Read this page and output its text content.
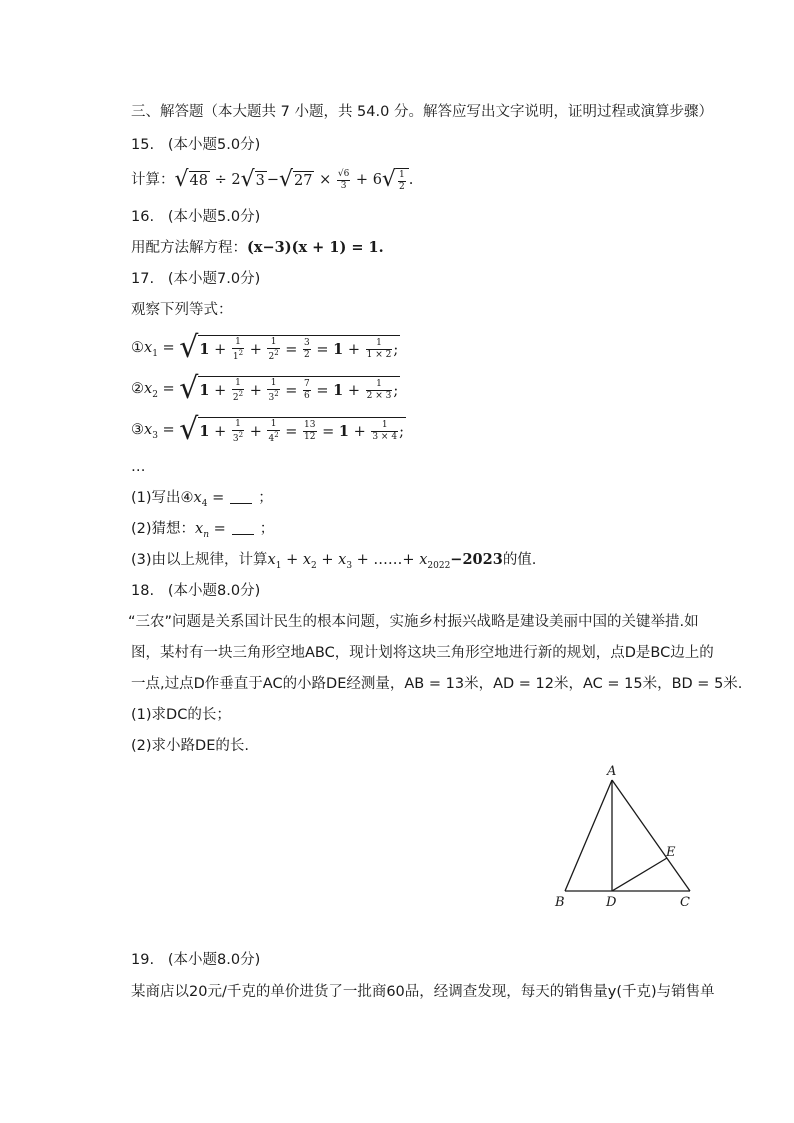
三、解答题（本大题共 7 小题，共 54.0 分。解答应写出文字说明，证明过程或演算步骤）
15. (本小题5.0分)
计算：$√48 \div 2√3 -√27 \times \frac{√6}{3} + 6√ \frac{1}{2}$ .
16. (本小题5.0分)
用配方法解方程：(x−3)(x + 1) = 1.
17. (本小题7.0分)
观察下列等式：
$①x_1 = √1 + \frac{1}{1^2} + \frac{1}{2^2} = \frac{3}{2} = 1 + \frac{1}{1 \times 2}$ ;
$②x_2 = √1 + \frac{1}{2^2} + \frac{1}{3^2} = \frac{7}{6} = 1 + \frac{1}{2 \times 3}$ ;
$③x_3 = √1 + \frac{1}{3^2} + \frac{1}{4^2} = \frac{13}{12} = 1 + \frac{1}{3 \times 4}$ ;
…
(1)写出$④x_4$ = ；
(2)猜想：$x_n$ = ；
(3)由以上规律，计算$x_1 + x_2 + x_3$ + ……+ $x_{2022}-2023$的值.
18. (本小题8.0分)
“三农”问题是关系国计民生的根本问题，实施乡村振兴战略是建设美丽中国的关键举措.如
图，某村有一块三角形空地ABC，现计划将这块三角形空地进行新的规划，点D是BC边上的
一点,过点D作垂直于AC的小路DE经测量，AB = 13米，AD = 12米，AC = 15米，BD = 5米.
(1)求DC的长；
(2)求小路DE的长.
A
B	D	C
E
19. (本小题8.0分)
某商店以20元/千克的单价进货了一批商60品，经调查发现，每天的销售量y(千克)与销售单
